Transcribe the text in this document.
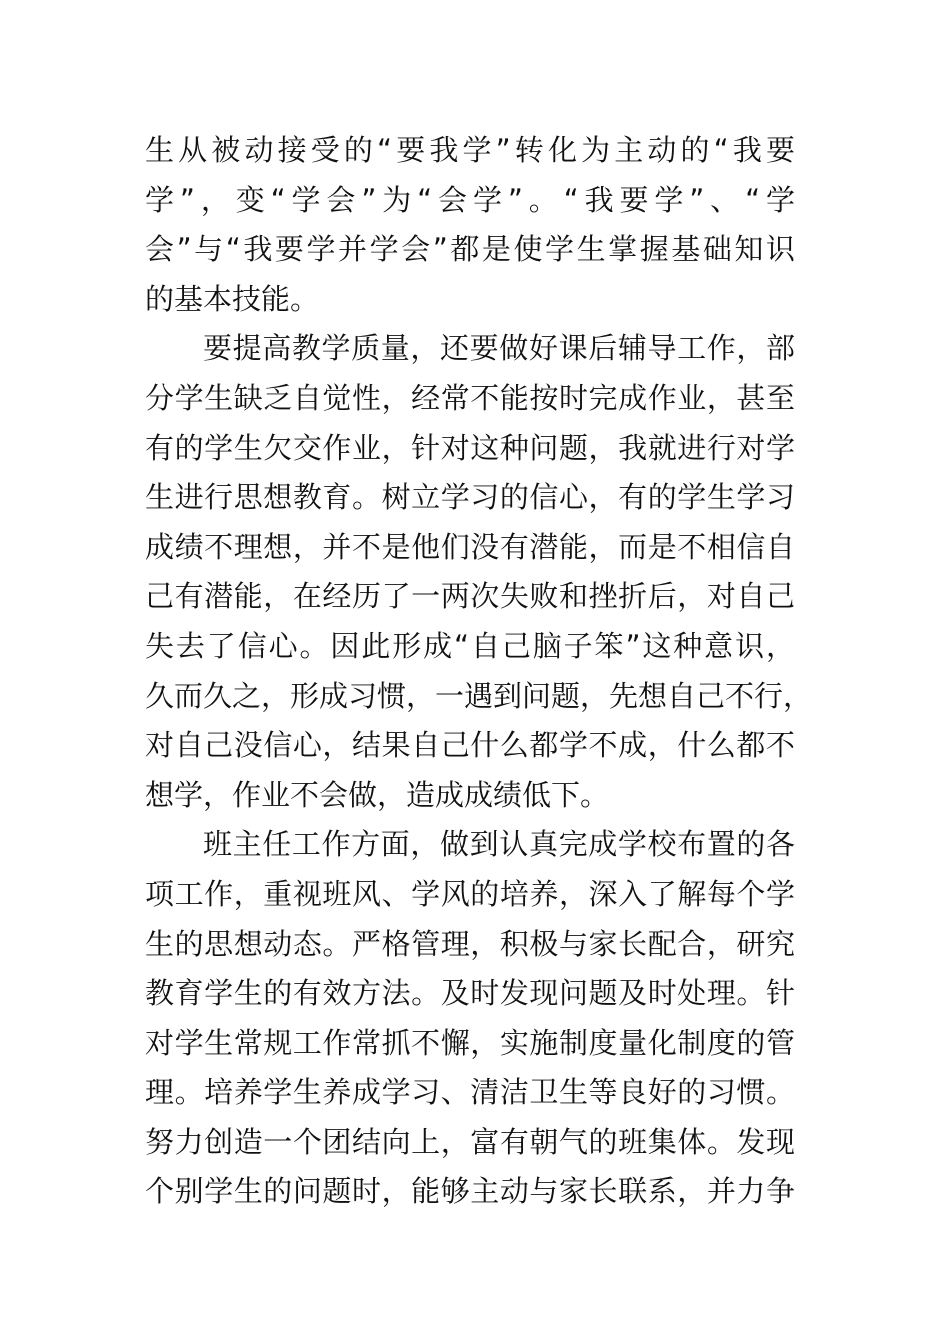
生从被动接受的“要我学”转化为主动的“我要
学”，变“学会”为“会学”。“我要学”、“学
会”与“我要学并学会”都是使学生掌握基础知识
的基本技能。
要提高教学质量，还要做好课后辅导工作，部
分学生缺乏自觉性，经常不能按时完成作业，甚至
有的学生欠交作业，针对这种问题，我就进行对学
生进行思想教育。树立学习的信心，有的学生学习
成绩不理想，并不是他们没有潜能，而是不相信自
己有潜能，在经历了一两次失败和挫折后，对自己
失去了信心。因此形成“自己脑子笨”这种意识，
久而久之，形成习惯，一遇到问题，先想自己不行，
对自己没信心，结果自己什么都学不成，什么都不
想学，作业不会做，造成成绩低下。
班主任工作方面，做到认真完成学校布置的各
项工作，重视班风、学风的培养，深入了解每个学
生的思想动态。严格管理，积极与家长配合，研究
教育学生的有效方法。及时发现问题及时处理。针
对学生常规工作常抓不懈，实施制度量化制度的管
理。培养学生养成学习、清洁卫生等良好的习惯。
努力创造一个团结向上，富有朝气的班集体。发现
个别学生的问题时，能够主动与家长联系，并力争
